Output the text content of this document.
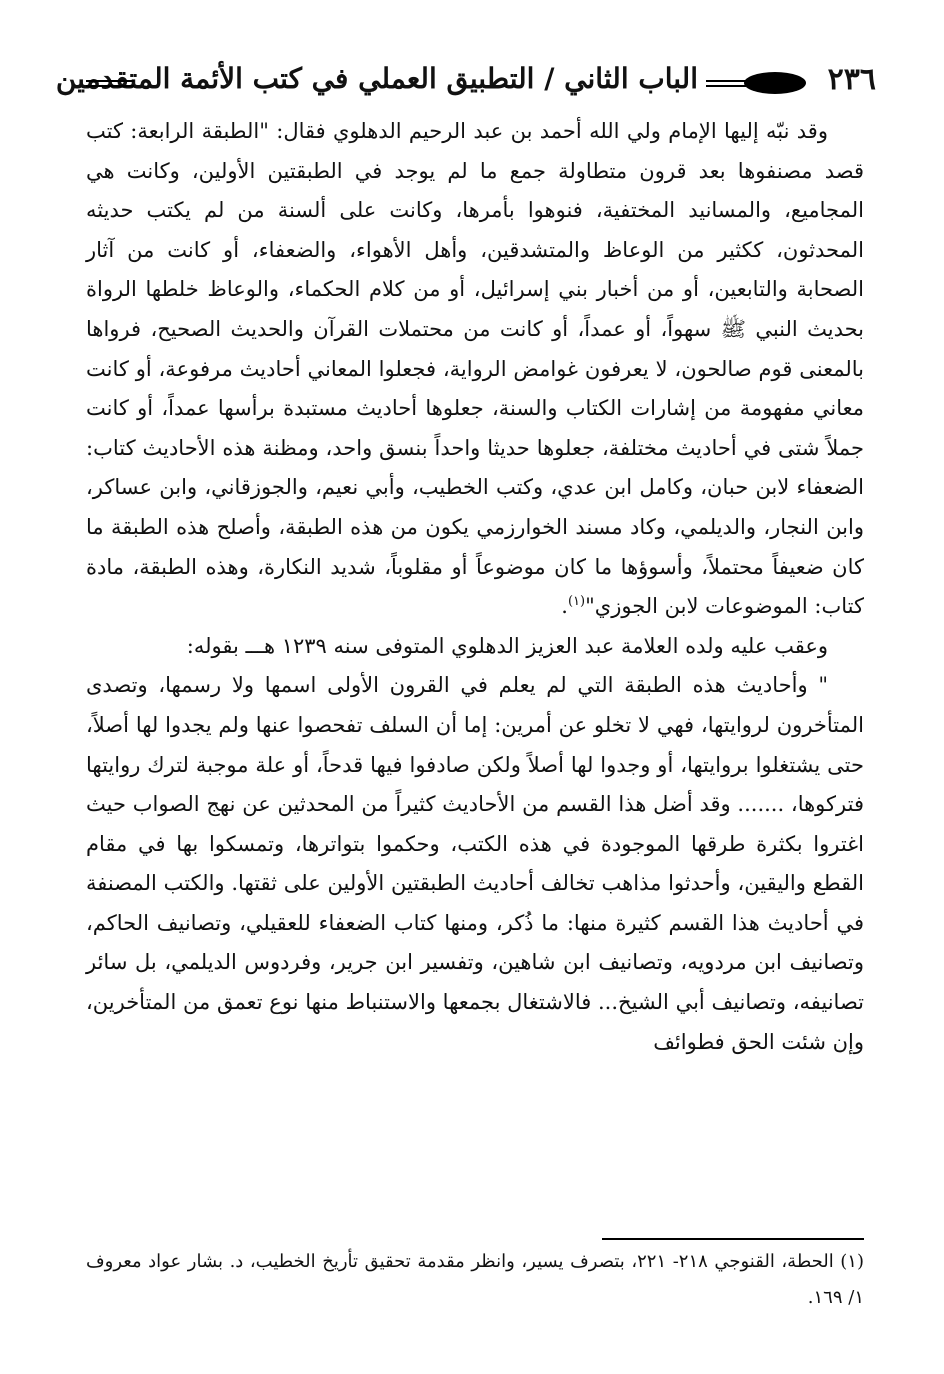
٢٣٦
الباب الثاني / التطبيق العملي في كتب الأئمة المتقدمين

وقد نبّه إليها الإمام ولي الله أحمد بن عبد الرحيم الدهلوي فقال: "الطبقة الرابعة: كتب قصد مصنفوها بعد قرون متطاولة جمع ما لم يوجد في الطبقتين الأولين، وكانت هي المجاميع، والمسانيد المختفية، فنوهوا بأمرها، وكانت على ألسنة من لم يكتب حديثه المحدثون، ككثير من الوعاظ والمتشدقين، وأهل الأهواء، والضعفاء، أو كانت من آثار الصحابة والتابعين، أو من أخبار بني إسرائيل، أو من كلام الحكماء، والوعاظ خلطها الرواة بحديث النبي ﷺ سهواً، أو عمداً، أو كانت من محتملات القرآن والحديث الصحيح، فرواها بالمعنى قوم صالحون، لا يعرفون غوامض الرواية، فجعلوا المعاني أحاديث مرفوعة، أو كانت معاني مفهومة من إشارات الكتاب والسنة، جعلوها أحاديث مستبدة برأسها عمداً، أو كانت جملاً شتى في أحاديث مختلفة، جعلوها حديثا واحداً بنسق واحد، ومظنة هذه الأحاديث كتاب: الضعفاء لابن حبان، وكامل ابن عدي، وكتب الخطيب، وأبي نعيم، والجوزقاني، وابن عساكر، وابن النجار، والديلمي، وكاد مسند الخوارزمي يكون من هذه الطبقة، وأصلح هذه الطبقة ما كان ضعيفاً محتملاً، وأسوؤها ما كان موضوعاً أو مقلوباً، شديد النكارة، وهذه الطبقة، مادة كتاب: الموضوعات لابن الجوزي"$^{(١)}$.

وعقب عليه ولده العلامة عبد العزيز الدهلوي المتوفى سنه ١٢٣٩ هـــ بقوله:

" وأحاديث هذه الطبقة التي لم يعلم في القرون الأولى اسمها ولا رسمها، وتصدى المتأخرون لروايتها، فهي لا تخلو عن أمرين: إما أن السلف تفحصوا عنها ولم يجدوا لها أصلاً، حتى يشتغلوا بروايتها، أو وجدوا لها أصلاً ولكن صادفوا فيها قدحاً، أو علة موجبة لترك روايتها فتركوها، ....... وقد أضل هذا القسم من الأحاديث كثيراً من المحدثين عن نهج الصواب حيث اغتروا بكثرة طرقها الموجودة في هذه الكتب، وحكموا بتواترها، وتمسكوا بها في مقام القطع واليقين، وأحدثوا مذاهب تخالف أحاديث الطبقتين الأولين على ثقتها. والكتب المصنفة في أحاديث هذا القسم كثيرة منها: ما ذُكر، ومنها كتاب الضعفاء للعقيلي، وتصانيف الحاكم، وتصانيف ابن مردويه، وتصانيف ابن شاهين، وتفسير ابن جرير، وفردوس الديلمي، بل سائر تصانيفه، وتصانيف أبي الشيخ... فالاشتغال بجمعها والاستنباط منها نوع تعمق من المتأخرين، وإن شئت الحق فطوائف

(١) الحطة، القنوجي ٢١٨- ٢٢١، بتصرف يسير، وانظر مقدمة تحقيق تأريخ الخطيب، د. بشار عواد معروف ١/ ١٦٩.
